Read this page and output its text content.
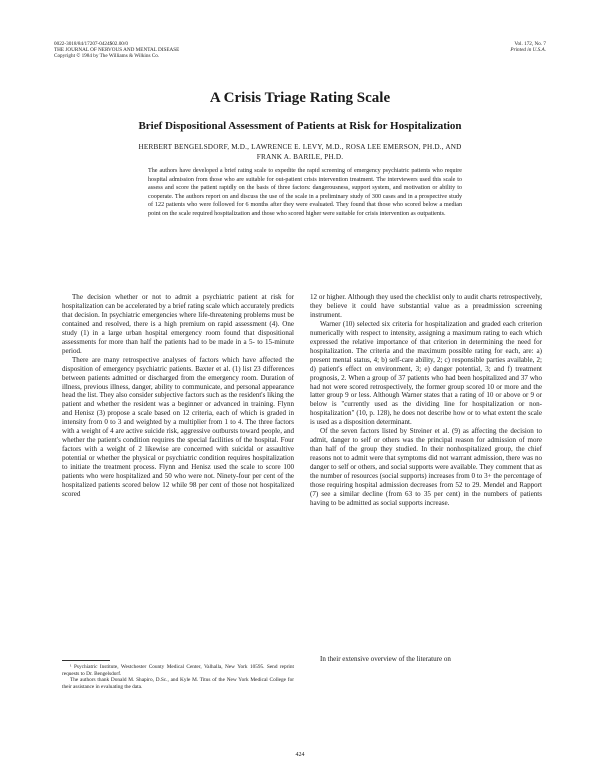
0022-3018/84/17207-0424$02.00/0
THE JOURNAL OF NERVOUS AND MENTAL DISEASE
Copyright © 1984 by The Williams & Wilkins Co.
Vol. 172, No. 7
Printed in U.S.A.
A Crisis Triage Rating Scale
Brief Dispositional Assessment of Patients at Risk for Hospitalization
HERBERT BENGELSDORF, M.D., LAWRENCE E. LEVY, M.D., ROSA LEE EMERSON, PH.D., AND
FRANK A. BARILE, PH.D.

The authors have developed a brief rating scale to expedite the rapid screening of emergency psychiatric patients who require hospital admission from those who are suitable for out-patient crisis intervention treatment. The interviewers used this scale to assess and score the patient rapidly on the basis of three factors: dangerousness, support system, and motivation or ability to cooperate. The authors report on and discuss the use of the scale in a preliminary study of 300 cases and in a prospective study of 122 patients who were followed for 6 months after they were evaluated. They found that those who scored below a median point on the scale required hospitalization and those who scored higher were suitable for crisis intervention as outpatients.

The decision whether or not to admit a psychiatric patient at risk for hospitalization can be accelerated by a brief rating scale which accurately predicts that decision. In psychiatric emergencies where life-threatening problems must be contained and resolved, there is a high premium on rapid assessment (4). One study (1) in a large urban hospital emergency room found that dispositional assessments for more than half the patients had to be made in a 5- to 15-minute period.

There are many retrospective analyses of factors which have affected the disposition of emergency psychiatric patients. Baxter et al. (1) list 23 differences between patients admitted or discharged from the emergency room. Duration of illness, previous illness, danger, ability to communicate, and personal appearance head the list. They also consider subjective factors such as the resident's liking the patient and whether the resident was a beginner or advanced in training. Flynn and Henisz (3) propose a scale based on 12 criteria, each of which is graded in intensity from 0 to 3 and weighted by a multiplier from 1 to 4. The three factors with a weight of 4 are active suicide risk, aggressive outbursts toward people, and whether the patient's condition requires the special facilities of the hospital. Four factors with a weight of 2 likewise are concerned with suicidal or assaultive potential or whether the physical or psychiatric condition requires hospitalization to initiate the treatment process. Flynn and Henisz used the scale to score 100 patients who were hospitalized and 50 who were not. Ninety-four per cent of the hospitalized patients scored below 12 while 98 per cent of those not hospitalized scored

12 or higher. Although they used the checklist only to audit charts retrospectively, they believe it could have substantial value as a preadmission screening instrument.

Warner (10) selected six criteria for hospitalization and graded each criterion numerically with respect to intensity, assigning a maximum rating to each which expressed the relative importance of that criterion in determining the need for hospitalization. The criteria and the maximum possible rating for each, are: a) present mental status, 4; b) self-care ability, 2; c) responsible parties available, 2; d) patient's effect on environment, 3; e) danger potential, 3; and f) treatment prognosis, 2. When a group of 37 patients who had been hospitalized and 37 who had not were scored retrospectively, the former group scored 10 or more and the latter group 9 or less. Although Warner states that a rating of 10 or above or 9 or below is "currently used as the dividing line for hospitalization or non-hospitalization" (10, p. 128), he does not describe how or to what extent the scale is used as a disposition determinant.

Of the seven factors listed by Streiner et al. (9) as affecting the decision to admit, danger to self or others was the principal reason for admission of more than half of the group they studied. In their nonhospitalized group, the chief reasons not to admit were that symptoms did not warrant admission, there was no danger to self or others, and social supports were available. They comment that as the number of resources (social supports) increases from 0 to 3+ the percentage of those requiring hospital admission decreases from 52 to 29. Mendel and Rapport (7) see a similar decline (from 63 to 35 per cent) in the numbers of patients having to be admitted as social supports increase.

In their extensive overview of the literature on

¹ Psychiatric Institute, Westchester County Medical Center, Valhalla, New York 10595. Send reprint requests to Dr. Bengelsdorf.

The authors thank Donald M. Shapiro, D.Sc., and Kyle M. Titus of the New York Medical College for their assistance in evaluating the data.

424
